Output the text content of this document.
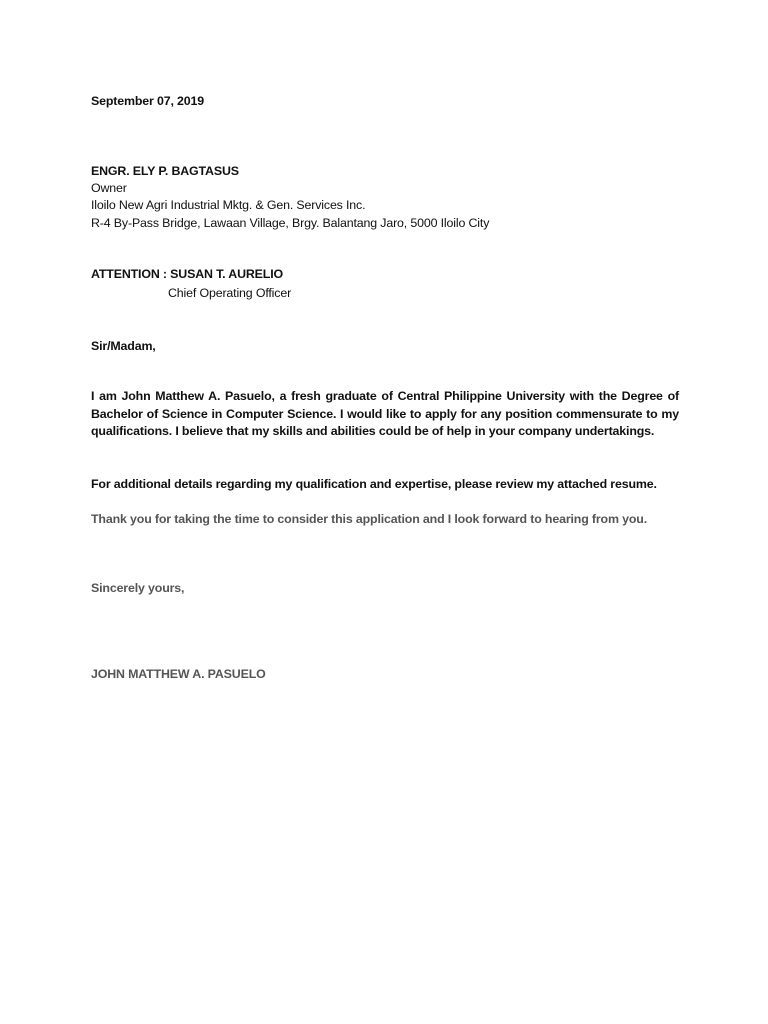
September 07, 2019
ENGR. ELY P. BAGTASUS
Owner
Iloilo New Agri Industrial Mktg. & Gen. Services Inc.
R-4 By-Pass Bridge, Lawaan Village, Brgy. Balantang Jaro, 5000 Iloilo City
ATTENTION : SUSAN T. AURELIO
Chief Operating Officer
Sir/Madam,
I am John Matthew A. Pasuelo, a fresh graduate of Central Philippine University with the Degree of Bachelor of Science in Computer Science. I would like to apply for any position commensurate to my qualifications. I believe that my skills and abilities could be of help in your company undertakings.
For additional details regarding my qualification and expertise, please review my attached resume.
Thank you for taking the time to consider this application and I look forward to hearing from you.
Sincerely yours,
JOHN MATTHEW A. PASUELO
